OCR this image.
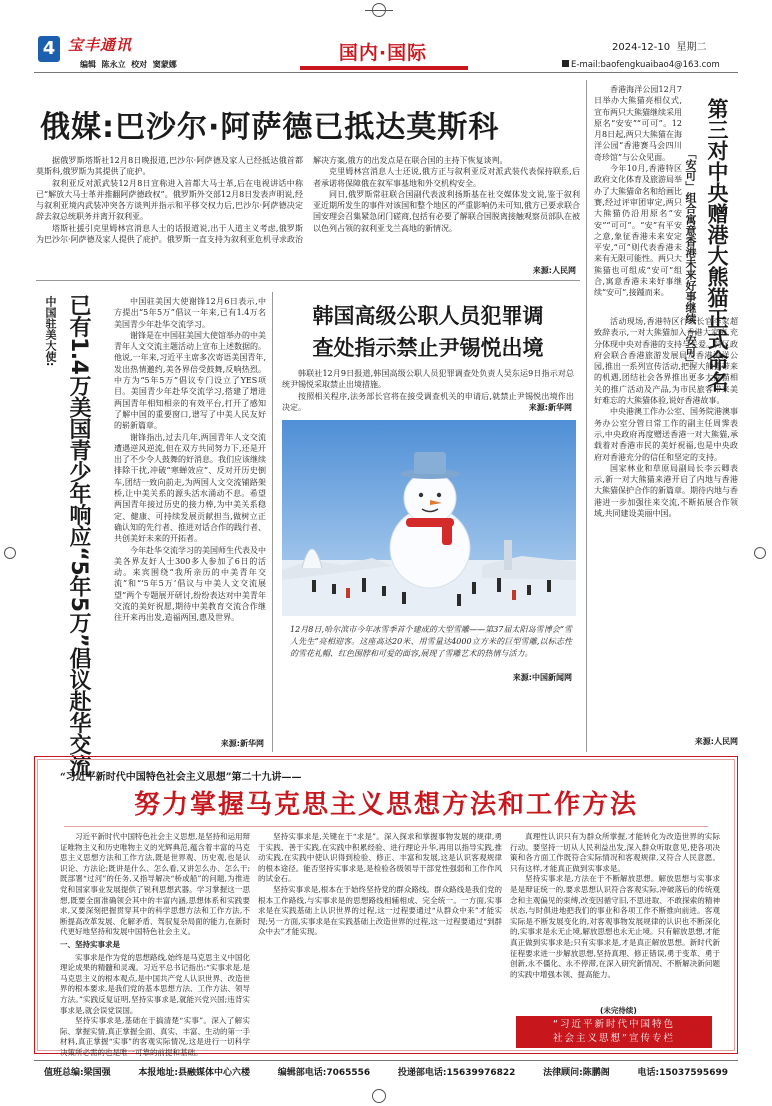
4 宝丰通讯
编辑  陈永立  校对  窦蒙娜
国内·国际	2024-12-10  星期二
E-mail:baofengkuaibao4@163.com
俄媒:巴沙尔·阿萨德已抵达莫斯科

据俄罗斯塔斯社12月8日晚报道,巴沙尔·阿萨德及家人已经抵达俄首都莫斯科,俄罗斯为其提供了庇护。

叙利亚反对派武装12月8日宣称进入首都大马士革,后在电视讲话中称已“解放大马士革并推翻阿萨德政权”。俄罗斯外交部12月8日发表声明说,经与叙利亚境内武装冲突各方谈判并指示和平移交权力后,巴沙尔·阿萨德决定辞去叙总统职务并离开叙利亚。

塔斯社援引克里姆林宫消息人士的话报道说,出于人道主义考虑,俄罗斯为巴沙尔·阿萨德及家人提供了庇护。俄罗斯一直支持为叙利亚危机寻求政治解决方案,俄方的出发点是在联合国的主持下恢复谈判。

克里姆林宫消息人士还说,俄方正与叙利亚反对派武装代表保持联系,后者承诺将保障俄在叙军事基地和外交机构安全。

同日,俄罗斯常驻联合国副代表波利扬斯基在社交媒体发文说,鉴于叙利亚近期所发生的事件对该国和整个地区的严重影响仍未可知,俄方已要求联合国安理会召集紧急闭门磋商,包括有必要了解联合国脱离接触观察员部队在被以色列占领的叙利亚戈兰高地的新情况。

来源:人民网
中国驻美大使: 已有1.4万美国青少年响应“5年5万”倡议赴华交流	中国驻美国大使谢锋12月6日表示,中方提出“5年5万”倡议一年来,已有1.4万名美国青少年赴华交流学习。

谢锋是在中国驻美国大使馆举办的中美青年人文交流主题活动上宣布上述数据的。他说,一年来,习近平主席多次寄语美国青年,发出热情邀约,美各界倍受鼓舞,反响热烈。中方为“5年5万”倡议专门设立了YES项目。美国青少年赴华交流学习,搭建了增进两国青年相知相亲的有效平台,打开了感知了解中国的重要窗口,谱写了中美人民友好的崭新篇章。

谢锋指出,过去几年,两国青年人文交流遭遇逆风逆流,但在双方共同努力下,还是开出了不少令人鼓舞的好消息。我们应该继续排除干扰,冲破“寒蝉效应”、反对开历史倒车,团结一致向前走,为两国人文交流铺路架桥,让中美关系的源头活水涌动不息。希望两国青年接过历史的接力棒,为中美关系稳定、健康、可持续发展贡献担当,做树立正确认知的先行者、推进对话合作的践行者、共创美好未来的开拓者。

今年赴华交流学习的美国师生代表及中美各界友好人士300多人参加了6日的活动。来宾围绕“我所亲历的中美青年交流”和“‘5年5万’倡议与中美人文交流展望”两个专题展开研讨,纷纷表达对中美青年交流的美好祝愿,期待中美教育交流合作继往开来再出发,造福两国,惠及世界。

来源:新华网
韩国高级公职人员犯罪调
查处指示禁止尹锡悦出境

韩联社12月9日报道,韩国高级公职人员犯罪调查处负责人吴东运9日指示对总统尹锡悦采取禁止出境措施。

按照相关程序,法务部长官将在接受调查机关的申请后,就禁止尹锡悦出境作出决定。	来源:新华网
12月8日,哈尔滨市今年冰雪季首个建成的大型雪雕——第37届太阳岛雪博会“雪人先生”亮相迎客。这座高达20米、用雪量达4000立方米的巨型雪雕,以标志性的雪花礼帽、红色围脖和可爱的面容,展现了雪雕艺术的热情与活力。
来源:中国新闻网

香港海洋公园12月7日举办大熊猫亮相仪式,宣布两只大熊猫继续采用原名“安安”“可可”。12月8日起,两只大熊猫在海洋公园“香港赛马会四川奇珍馆”与公众见面。

今年10月,香港特区政府文化体育及旅游局举办了大熊猫命名和给画比赛,经过评审团审定,两只大熊猫仍沿用原名“安安”“可可”。“安”有平安之意,象征香港未来安定平安,“可”则代表香港未来有无限可能性。两只大熊猫也可组成“安可”组合,寓意香港未来好事继续“安可”,接踵而来。	第三对中央赠港大熊猫正式命名
「安可」组合寓意香港未来好事继续「安可」

活动现场,香港特区行政长官李家超致辞表示,一对大熊猫加入香港大家庭,充分体现中央对香港的支持与关爱。特区政府会联合香港旅游发展局及香港海洋公园,推出一系列宣传活动,把握大熊猫带来的机遇,团结社会各界推出更多大熊猫相关的推广活动及产品,为市民旅客带来美好难忘的大熊猫体验,说好香港故事。

中央港澳工作办公室、国务院港澳事务办公室分管日常工作的副主任周霁表示,中央政府再度赠送香港一对大熊猫,承载着对香港市民的美好祝福,也是中央政府对香港充分的信任和坚定的支持。

国家林业和草原局副局长李云卿表示,新一对大熊猫来港开启了内地与香港大熊猫保护合作的新篇章。期待内地与香港进一步加强往来交流,不断拓展合作领域,共同建设美丽中国。

来源:人民网
“习近平新时代中国特色社会主义思想”第二十九讲——
努力掌握马克思主义思想方法和工作方法

习近平新时代中国特色社会主义思想,是坚持和运用辩证唯物主义和历史唯物主义的光辉典范,蕴含着丰富的马克思主义思想方法和工作方法,既是世界观、历史观,也是认识论、方法论;既讲是什么、怎么看,又讲怎么办、怎么干;既部署“过河”的任务,又指导解决“桥或船”的问题,为推进党和国家事业发展提供了锐利思想武器。学习掌握这一思想,既要全面准确领会其中的丰富内涵,思想体系和实践要求,又要深刻把握贯穿其中的科学思想方法和工作方法,不断提高改革发展、化解矛盾、驾驭复杂局面的能力,在新时代更好地坚持和发展中国特色社会主义。

一、坚持实事求是

实事求是作为党的思想路线,始终是马克思主义中国化理论成果的精髓和灵魂。习近平总书记指出:“实事求是,是马克思主义的根本观点,是中国共产党人认识世界、改造世界的根本要求,是我们党的基本思想方法、工作方法、领导方法。”实践反复证明,坚持实事求是,就能兴党兴国;违背实事求是,就会误党误国。

坚持实事求是,基础在于搞清楚“实事”。深入了解实际、掌握实情,真正掌握全面、真实、丰富、生动的第一手材料,真正掌握“实事”的客观实际情况,这是进行一切科学决策所必需的也是唯一可靠的前提和基础。

坚持实事求是,关键在于“求是”。深入探求和掌握事物发展的规律,勇于实践、善于实践,在实践中积累经验、进行理论升华,再用以指导实践,推动实践,在实践中使认识得到检验、修正、丰富和发展,这是认识客观规律的根本途径。能否坚持实事求是,是检验各级领导干部党性强弱和工作作风的试金石。

坚持实事求是,根本在于始终坚持党的群众路线。群众路线是我们党的根本工作路线,与实事求是的思想路线相辅相成、完全统一。一方面,实事求是在实践基础上认识世界的过程,这一过程要通过“从群众中来”才能实现;另一方面,实事求是在实践基础上改造世界的过程,这一过程要通过“到群众中去”才能实现。

真理性认识只有为群众所掌握,才能转化为改造世界的实际行动。要坚持一切从人民利益出发,深入群众听取意见,使各项决策和各方面工作既符合实际情况和客观规律,又符合人民意愿。只有这样,才能真正做到实事求是。

坚持实事求是,方法在于不断解放思想。解放思想与实事求是是辩证统一的,要求思想认识符合客观实际,冲破落后的传统观念和主观偏见的束缚,改变因循守旧,不思进取、不敢探索的精神状态,与时俱进地把我们的事业和各项工作不断推向前进。客观实际是不断发展变化的,对客观事物发展规律的认识也不断深化的,实事求是永无止境,解放思想也永无止境。只有解放思想,才能真正做到实事求是;只有实事求是,才是真正解放思想。新时代新征程要求进一步解放思想,坚持真理、修正错误,勇于变革、勇于创新,永不僵化、永不停滞,在深入研究新情况、不断解决新问题的实践中增强本领、提高能力。

(未完待续)
“习近平新时代中国特色
社会主义思想”宣传专栏
值班总编:梁国强	本报地址:县融媒体中心六楼	编辑部电话:7065556	投递部电话:15639976822	法律顾问:陈鹏阁	电话:15037595699
